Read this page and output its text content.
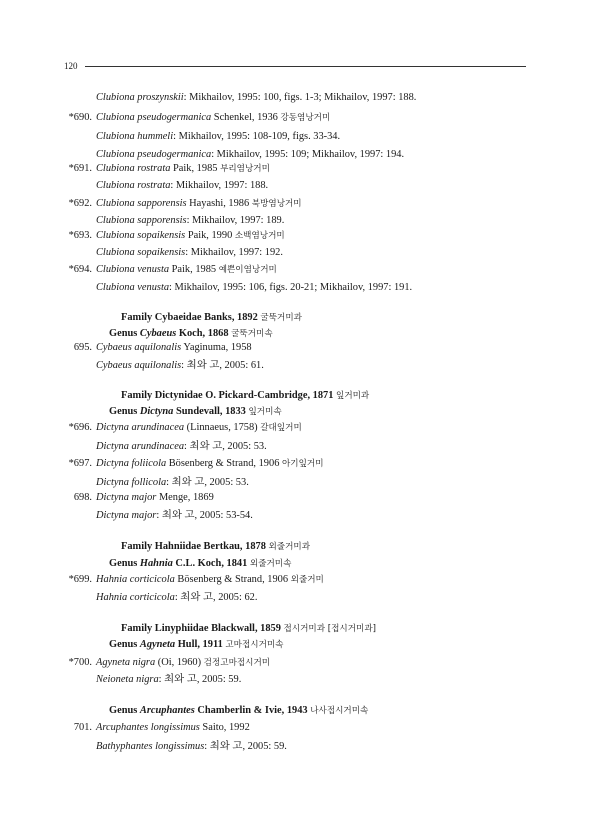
120
Clubiona proszynskii: Mikhailov, 1995: 100, figs. 1-3; Mikhailov, 1997: 188.
*690. Clubiona pseudogermanica Schenkel, 1936 강동염낭거미
Clubiona hummeli: Mikhailov, 1995: 108-109, figs. 33-34.
Clubiona pseudogermanica: Mikhailov, 1995: 109; Mikhailov, 1997: 194.
*691. Clubiona rostrata Paik, 1985 부리염낭거미
Clubiona rostrata: Mikhailov, 1997: 188.
*692. Clubiona sapporensis Hayashi, 1986 북방염낭거미
Clubiona sapporensis: Mikhailov, 1997: 189.
*693. Clubiona sopaikensis Paik, 1990 소백염낭거미
Clubiona sopaikensis: Mikhailov, 1997: 192.
*694. Clubiona venusta Paik, 1985 예쁜이염낭거미
Clubiona venusta: Mikhailov, 1995: 106, figs. 20-21; Mikhailov, 1997: 191.
Family Cybaeidae Banks, 1892 굴뚝거미과
Genus Cybaeus Koch, 1868 굴뚝거미속
695. Cybaeus aquilonalis Yaginuma, 1958
Cybaeus aquilonalis: 최와 고, 2005: 61.
Family Dictynidae O. Pickard-Cambridge, 1871 잎거미과
Genus Dictyna Sundevall, 1833 잎거미속
*696. Dictyna arundinacea (Linnaeus, 1758) 갈대잎거미
Dictyna arundinacea: 최와 고, 2005: 53.
*697. Dictyna foliicola Bösenberg & Strand, 1906 아기잎거미
Dictyna follicola: 최와 고, 2005: 53.
698. Dictyna major Menge, 1869
Dictyna major: 최와 고, 2005: 53-54.
Family Hahniidae Bertkau, 1878 외줄거미과
Genus Hahnia C.L. Koch, 1841 외줄거미속
*699. Hahnia corticicola Bösenberg & Strand, 1906 외줄거미
Hahnia corticicola: 최와 고, 2005: 62.
Family Linyphiidae Blackwall, 1859 접시거미과 [접시거미과]
Genus Agyneta Hull, 1911 고마접시거미속
*700. Agyneta nigra (Oi, 1960) 검정고마접시거미
Neioneta nigra: 최와 고, 2005: 59.
Genus Arcuphantes Chamberlin & Ivie, 1943 나사접시거미속
701. Arcuphantes longissimus Saito, 1992
Bathyphantes longissimus: 최와 고, 2005: 59.
